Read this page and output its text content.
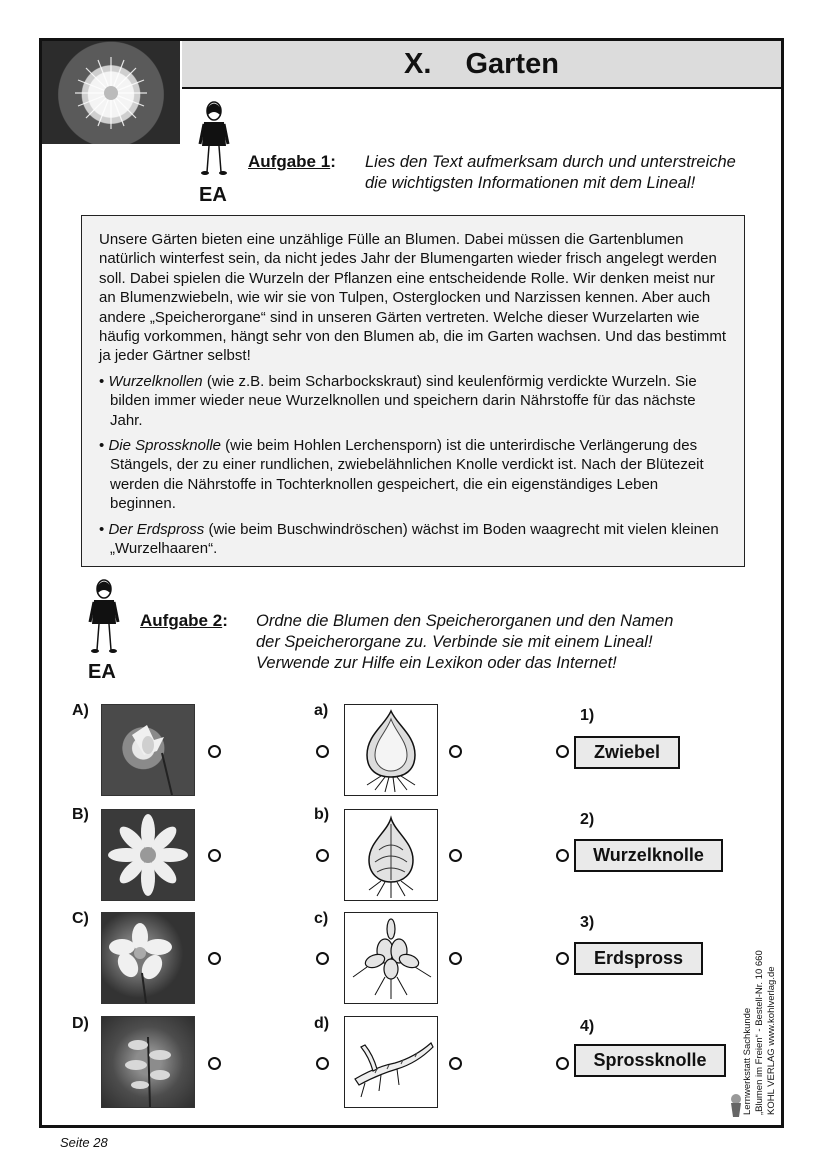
X. Garten
EA
Aufgabe 1: Lies den Text aufmerksam durch und unterstreiche
die wichtigsten Informationen mit dem Lineal!

Unsere Gärten bieten eine unzählige Fülle an Blumen. Dabei müssen die Gartenblumen natürlich winterfest sein, da nicht jedes Jahr der Blumengarten wieder frisch angelegt werden soll. Dabei spielen die Wurzeln der Pflanzen eine entscheidende Rolle. Wir denken meist nur an Blumenzwiebeln, wie wir sie von Tulpen, Osterglocken und Narzissen kennen. Aber auch andere „Speicherorgane“ sind in unseren Gärten vertreten. Welche dieser Wurzelarten wie häufig vorkommen, hängt sehr von den Blumen ab, die im Garten wachsen. Und das bestimmt ja jeder Gärtner selbst!

• Wurzelknollen (wie z.B. beim Scharbockskraut) sind keulenförmig verdickte Wurzeln. Sie bilden immer wieder neue Wurzelknollen und speichern darin Nährstoffe für das nächste Jahr.
• Die Sprossknolle (wie beim Hohlen Lerchensporn) ist die unterirdische Verlängerung des Stängels, der zu einer rundlichen, zwiebelähnlichen Knolle verdickt ist. Nach der Blütezeit werden die Nährstoffe in Tochterknollen gespeichert, die ein eigenständiges Leben beginnen.
• Der Erdspross (wie beim Buschwindröschen) wächst im Boden waagrecht mit vielen kleinen „Wurzelhaaren“.
EA
Aufgabe 2: Ordne die Blumen den Speicherorganen und den Namen
der Speicherorgane zu. Verbinde sie mit einem Lineal!
Verwende zur Hilfe ein Lexikon oder das Internet!
A)	a)	1)
Zwiebel
B)	b)	2)
Wurzelknolle
C)	c)	3)
Erdspross
D)	d)	4)
Sprossknolle	Lernwerkstatt Sachkunde „Blumen im Freien“ - Bestell-Nr. 10 660 KOHL VERLAG www.kohlverlag.de
Seite 28
